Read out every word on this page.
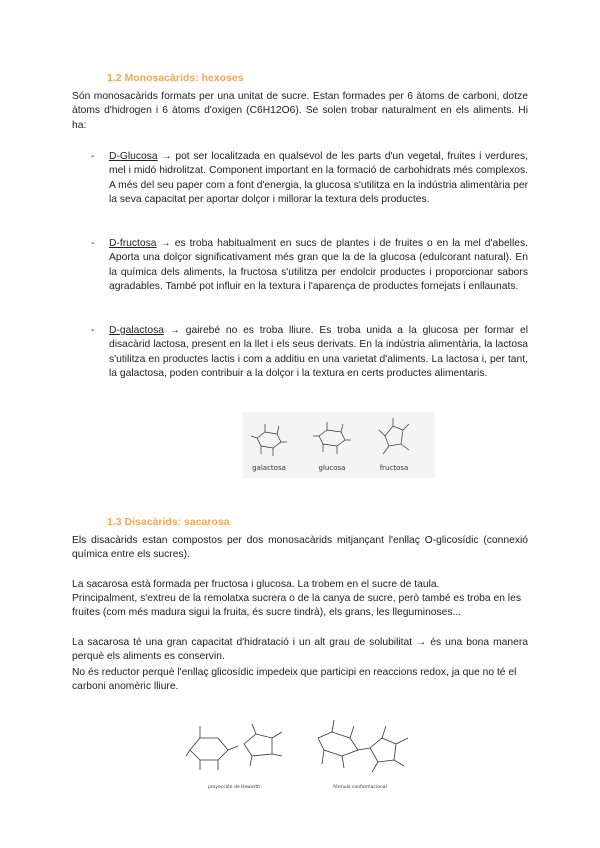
1.2 Monosacàrids: hexoses

Són monosacàrids formats per una unitat de sucre. Estan formades per 6 àtoms de carboni, dotze àtoms d'hidrogen i 6 àtoms d'oxigen (C6H12O6). Se solen trobar naturalment en els aliments. Hi ha:

- D-Glucosa → pot ser localitzada en qualsevol de les parts d'un vegetal, fruites i verdures, mel i midó hidrolitzat. Component important en la formació de carbohidrats més complexos. A més del seu paper com a font d'energia, la glucosa s'utilitza en la indústria alimentària per la seva capacitat per aportar dolçor i millorar la textura dels productes.

- D-fructosa → es troba habitualment en sucs de plantes i de fruites o en la mel d'abelles. Aporta una dolçor significativament més gran que la de la glucosa (edulcorant natural). En la química dels aliments, la fructosa s'utilitza per endolcir productes i proporcionar sabors agradables. També pot influir en la textura i l'aparença de productes fornejats i enllaunats.

- D-galactosa → gairebé no es troba lliure. Es troba unida a la glucosa per formar el disacàrid lactosa, present en la llet i els seus derivats. En la indústria alimentària, la lactosa s'utilitza en productes lactis i com a additiu en una varietat d'aliments. La lactosa i, per tant, la galactosa, poden contribuir a la dolçor i la textura en certs productes alimentaris.

galactosa	glucosa	fructosa
1.3 Disacàrids: sacarosa

Els disacàrids estan compostos per dos monosacàrids mitjançant l'enllaç O-glicosídic (connexió química entre els sucres).

La sacarosa està formada per fructosa i glucosa. La trobem en el sucre de taula.

Principalment, s'extreu de la remolatxa sucrera o de la canya de sucre, però també es troba en les fruites (com més madura sigui la fruita, és sucre tindrà), els grans, les lleguminoses...

La sacarosa té una gran capacitat d'hidratació i un alt grau de solubilitat → és una bona manera perquè els aliments es conservin.

No és reductor perquè l'enllaç glicosídic impedeix que participi en reaccions redox, ja que no té el carboni anomèric lliure.

proyección de Haworth	fórmula conformacional
